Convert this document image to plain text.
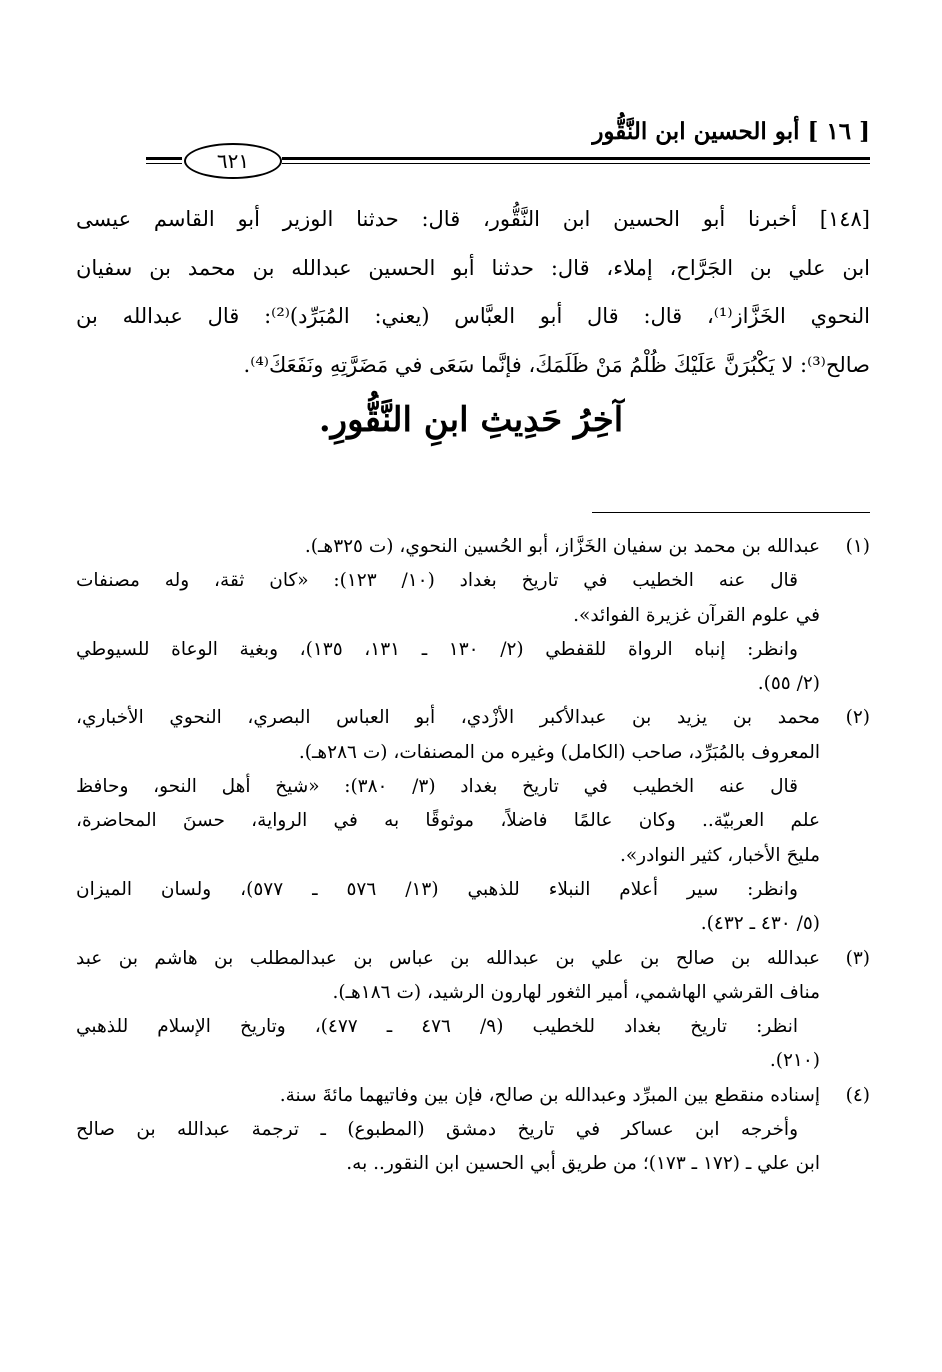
[ ١٦ ] أبو الحسين ابن النَّقُّور
٦٢١
[١٤٨] أخبرنا أبو الحسين ابن النَّقُّور، قال: حدثنا الوزير أبو القاسم عيسى
ابن علي بن الجَرَّاح، إملاء، قال: حدثنا أبو الحسين عبدالله بن محمد بن سفيان
النحوي الخَزَّاز⁽¹⁾، قال: قال أبو العبَّاس (يعني: المُبَرِّد)⁽²⁾: قال عبدالله بن
صالح⁽³⁾: لا يَكْبُرَنَّ عَلَيْكَ ظُلْمُ مَنْ ظَلَمَكَ، فإنَّما سَعَى في مَضَرَّتِهِ ونَفَعَكَ⁽⁴⁾.
آخِرُ حَدِيثِ ابنِ النَّقُّورِ.
(١)
عبدالله بن محمد بن سفيان الخَزَّاز، أبو الحُسين النحوي، (ت ٣٢٥هـ).
قال عنه الخطيب في تاريخ بغداد (١٠/ ١٢٣): «كان ثقة، وله مصنفات
في علوم القرآن غزيرة الفوائد».
وانظر: إنباه الرواة للقفطي (٢/ ١٣٠ ـ ١٣١، ١٣٥)، وبغية الوعاة للسيوطي
(٢/ ٥٥).
(٢)
محمد بن يزيد بن عبدالأكبر الأزْدي، أبو العباس البصري، النحوي الأخباري،
المعروف بالمُبَرِّد، صاحب (الكامل) وغيره من المصنفات، (ت ٢٨٦هـ).
قال عنه الخطيب في تاريخ بغداد (٣/ ٣٨٠): «شيخ أهل النحو، وحافظ
علم العربيّة.. وكان عالمًا فاضلاً، موثوقًا به في الرواية، حسنَ المحاضرة،
مليحَ الأخبار، كثير النوادر».
وانظر: سير أعلام النبلاء للذهبي (١٣/ ٥٧٦ ـ ٥٧٧)، ولسان الميزان
(٥/ ٤٣٠ ـ ٤٣٢).
(٣)
عبدالله بن صالح بن علي بن عبدالله بن عباس بن عبدالمطلب بن هاشم بن عبد
مناف القرشي الهاشمي، أمير الثغور لهارون الرشيد، (ت ١٨٦هـ).
انظر: تاريخ بغداد للخطيب (٩/ ٤٧٦ ـ ٤٧٧)، وتاريخ الإسلام للذهبي
(٢١٠).
(٤)
إسناده منقطع بين المبرِّد وعبدالله بن صالح، فإن بين وفاتيهما مائةَ سنة.
وأخرجه ابن عساكر في تاريخ دمشق (المطبوع) ـ ترجمة عبدالله بن صالح
ابن علي ـ (١٧٢ ـ ١٧٣)؛ من طريق أبي الحسين ابن النقور.. به.
